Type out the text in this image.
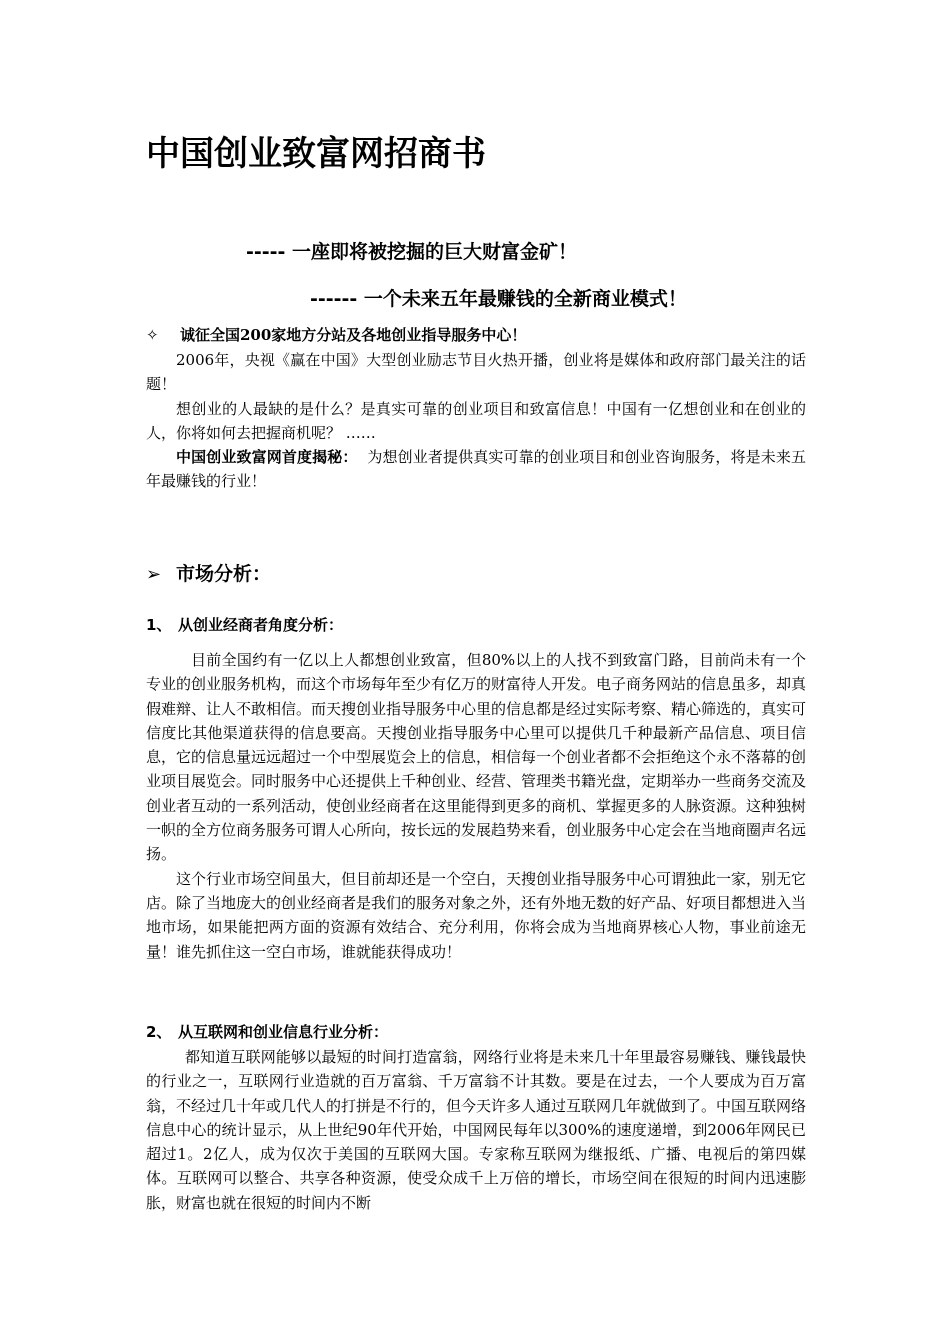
中国创业致富网招商书
----- 一座即将被挖掘的巨大财富金矿！
------ 一个未来五年最赚钱的全新商业模式！
✧ 诚征全国200家地方分站及各地创业指导服务中心！

2006年，央视《赢在中国》大型创业励志节目火热开播，创业将是媒体和政府部门最关注的话题！

想创业的人最缺的是什么？是真实可靠的创业项目和致富信息！中国有一亿想创业和在创业的人，你将如何去把握商机呢？ ……

中国创业致富网首度揭秘： 为想创业者提供真实可靠的创业项目和创业咨询服务，将是未来五年最赚钱的行业！

➢ 市场分析：
1、 从创业经商者角度分析：

目前全国约有一亿以上人都想创业致富，但80%以上的人找不到致富门路，目前尚未有一个专业的创业服务机构，而这个市场每年至少有亿万的财富待人开发。电子商务网站的信息虽多，却真假难辩、让人不敢相信。而天搜创业指导服务中心里的信息都是经过实际考察、精心筛选的，真实可信度比其他渠道获得的信息要高。天搜创业指导服务中心里可以提供几千种最新产品信息、项目信息，它的信息量远远超过一个中型展览会上的信息，相信每一个创业者都不会拒绝这个永不落幕的创业项目展览会。同时服务中心还提供上千种创业、经营、管理类书籍光盘，定期举办一些商务交流及创业者互动的一系列活动，使创业经商者在这里能得到更多的商机、掌握更多的人脉资源。这种独树一帜的全方位商务服务可谓人心所向，按长远的发展趋势来看，创业服务中心定会在当地商圈声名远扬。

这个行业市场空间虽大，但目前却还是一个空白，天搜创业指导服务中心可谓独此一家，别无它店。除了当地庞大的创业经商者是我们的服务对象之外，还有外地无数的好产品、好项目都想进入当地市场，如果能把两方面的资源有效结合、充分利用，你将会成为当地商界核心人物，事业前途无量！谁先抓住这一空白市场，谁就能获得成功！

2、 从互联网和创业信息行业分析：

都知道互联网能够以最短的时间打造富翁，网络行业将是未来几十年里最容易赚钱、赚钱最快的行业之一，互联网行业造就的百万富翁、千万富翁不计其数。要是在过去，一个人要成为百万富翁，不经过几十年或几代人的打拼是不行的，但今天许多人通过互联网几年就做到了。中国互联网络信息中心的统计显示，从上世纪90年代开始，中国网民每年以300%的速度递增，到2006年网民已超过1。2亿人，成为仅次于美国的互联网大国。专家称互联网为继报纸、广播、电视后的第四媒体。互联网可以整合、共享各种资源，使受众成千上万倍的增长，市场空间在很短的时间内迅速膨胀，财富也就在很短的时间内不断
